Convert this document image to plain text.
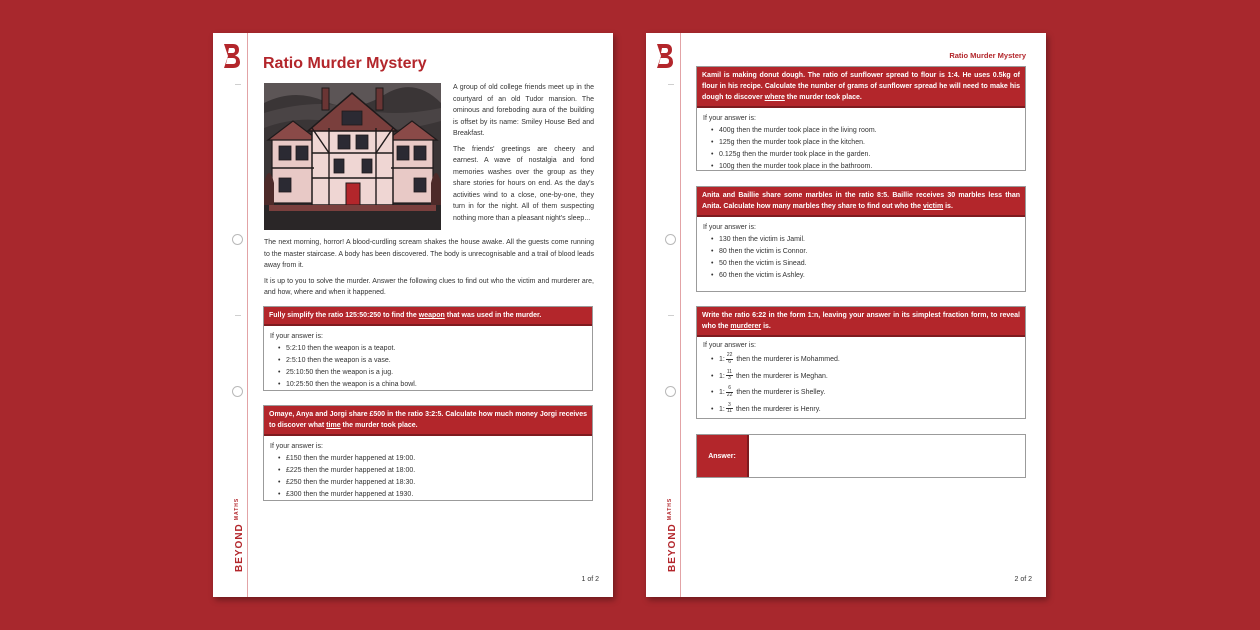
BEYOND
MATHS
Ratio Murder Mystery

A group of old college friends meet up in the courtyard of an old Tudor mansion. The ominous and foreboding aura of the building is offset by its name: Smiley House Bed and Breakfast.

The friends' greetings are cheery and earnest. A wave of nostalgia and fond memories washes over the group as they share stories for hours on end. As the day's activities wind to a close, one-by-one, they turn in for the night. All of them suspecting nothing more than a pleasant night's sleep...

The next morning, horror! A blood-curdling scream shakes the house awake. All the guests come running to the master staircase. A body has been discovered. The body is unrecognisable and a trail of blood leads away from it.

It is up to you to solve the murder. Answer the following clues to find out who the victim and murderer are, and how, where and when it happened.

Fully simplify the ratio 125:50:250 to find the weapon that was used in the murder.
If your answer is:
• 5:2:10 then the weapon is a teapot.
• 2:5:10 then the weapon is a vase.
• 25:10:50 then the weapon is a jug.
• 10:25:50 then the weapon is a china bowl.
Omaye, Anya and Jorgi share £500 in the ratio 3:2:5. Calculate how much money Jorgi receives to discover what time the murder took place.
If your answer is:
• £150 then the murder happened at 19:00.
• £225 then the murder happened at 18:00.
• £250 then the murder happened at 18:30.
• £300 then the murder happened at 1930.
1 of 2
BEYOND
MATHS
Ratio Murder Mystery
Kamil is making donut dough. The ratio of sunflower spread to flour is 1:4. He uses 0.5kg of flour in his recipe. Calculate the number of grams of sunflower spread he will need to make his dough to discover where the murder took place.
If your answer is:
• 400g then the murder took place in the living room.
• 125g then the murder took place in the kitchen.
• 0.125g then the murder took place in the garden.
• 100g then the murder took place in the bathroom.
Anita and Baillie share some marbles in the ratio 8:5. Baillie receives 30 marbles less than Anita. Calculate how many marbles they share to find out who the victim is.
If your answer is:
• 130 then the victim is Jamil.
• 80 then the victim is Connor.
• 50 then the victim is Sinead.
• 60 then the victim is Ashley.
Write the ratio 6:22 in the form 1:n, leaving your answer in its simplest fraction form, to reveal who the murderer is.
If your answer is:
• 1: $\frac{22}{6}$ then the murderer is Mohammed.
• 1: $\frac{11}{3}$ then the murderer is Meghan.
• 1: $\frac{6}{22}$ then the murderer is Shelley.
• 1: $\frac{3}{11}$ then the murderer is Henry.
Answer:
2 of 2
